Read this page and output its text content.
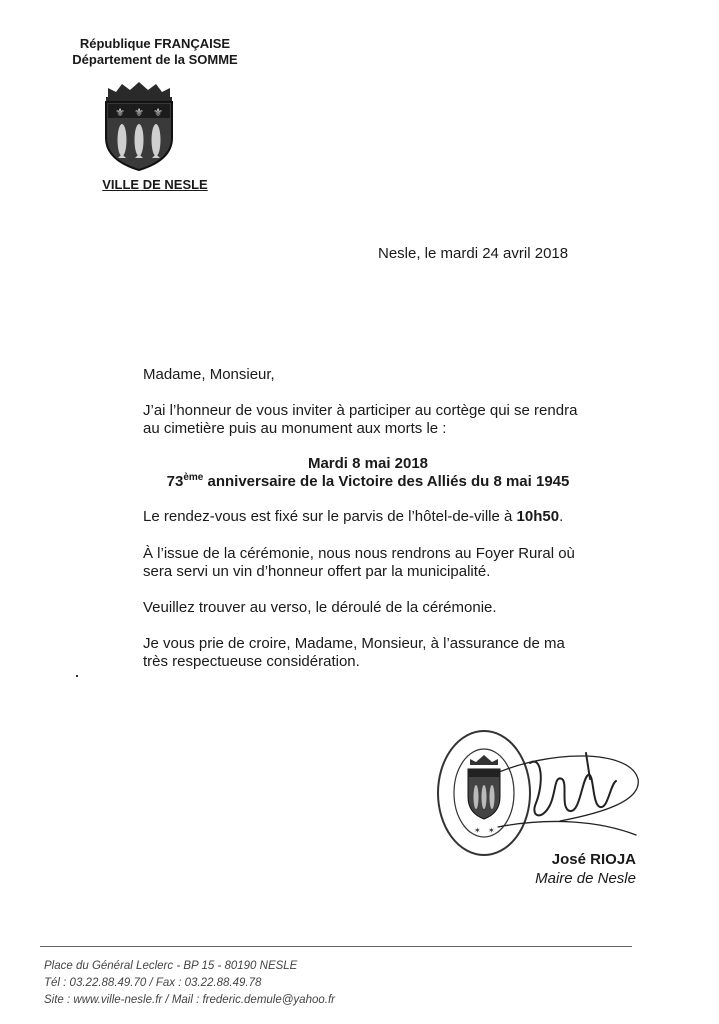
République FRANÇAISE
Département de la SOMME
⚜ ⚜ ⚜
VILLE DE NESLE
Nesle, le mardi 24 avril 2018
Madame, Monsieur,
J’ai l’honneur de vous inviter à participer au cortège qui se rendra au cimetière puis au monument aux morts le :
Mardi 8 mai 2018
73ème anniversaire de la Victoire des Alliés du 8 mai 1945
Le rendez-vous est fixé sur le parvis de l’hôtel-de-ville à 10h50.
À l’issue de la cérémonie, nous nous rendrons au Foyer Rural où sera servi un vin d’honneur offert par la municipalité.
Veuillez trouver au verso, le déroulé de la cérémonie.
Je vous prie de croire, Madame, Monsieur, à l’assurance de ma très respectueuse considération.
✶ ✶
José RIOJA
Maire de Nesle
Place du Général Leclerc - BP 15 - 80190 NESLE
Tél : 03.22.88.49.70 / Fax : 03.22.88.49.78
Site : www.ville-nesle.fr / Mail : frederic.demule@yahoo.fr
